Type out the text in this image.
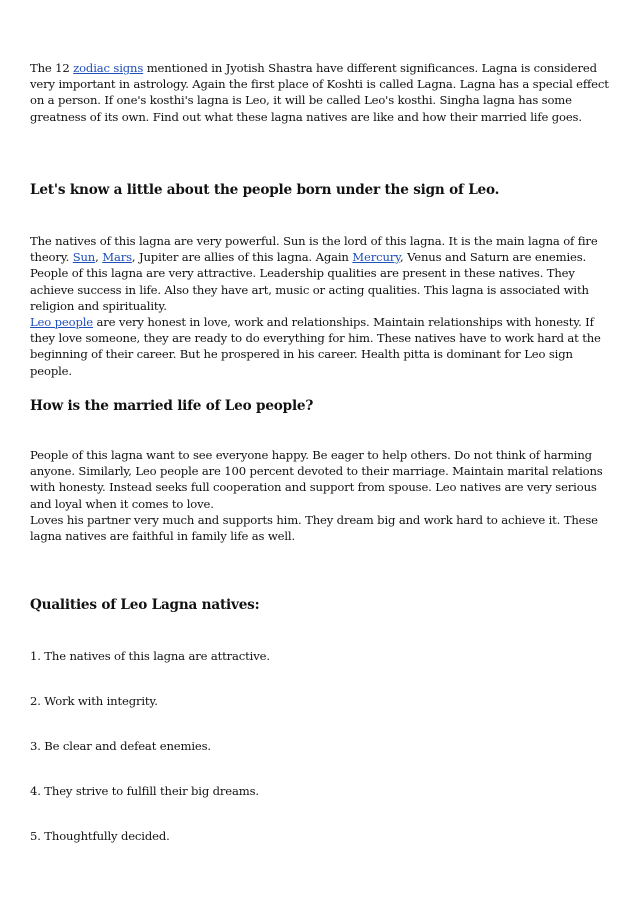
The 12 zodiac signs mentioned in Jyotish Shastra have different significances. Lagna is considered very important in astrology. Again the first place of Koshti is called Lagna. Lagna has a special effect on a person. If one's kosthi's lagna is Leo, it will be called Leo's kosthi. Singha lagna has some greatness of its own. Find out what these lagna natives are like and how their married life goes.

Let's know a little about the people born under the sign of Leo.

The natives of this lagna are very powerful. Sun is the lord of this lagna. It is the main lagna of fire theory. Sun, Mars, Jupiter are allies of this lagna. Again Mercury, Venus and Saturn are enemies. People of this lagna are very attractive. Leadership qualities are present in these natives. They achieve success in life. Also they have art, music or acting qualities. This lagna is associated with religion and spirituality.
Leo people are very honest in love, work and relationships. Maintain relationships with honesty. If they love someone, they are ready to do everything for him. These natives have to work hard at the beginning of their career. But he prospered in his career. Health pitta is dominant for Leo sign people.

How is the married life of Leo people?

People of this lagna want to see everyone happy. Be eager to help others. Do not think of harming anyone. Similarly, Leo people are 100 percent devoted to their marriage. Maintain marital relations with honesty. Instead seeks full cooperation and support from spouse. Leo natives are very serious and loyal when it comes to love.
Loves his partner very much and supports him. They dream big and work hard to achieve it. These lagna natives are faithful in family life as well.

Qualities of Leo Lagna natives:

1. The natives of this lagna are attractive.

2. Work with integrity.

3. Be clear and defeat enemies.

4. They strive to fulfill their big dreams.

5. Thoughtfully decided.
